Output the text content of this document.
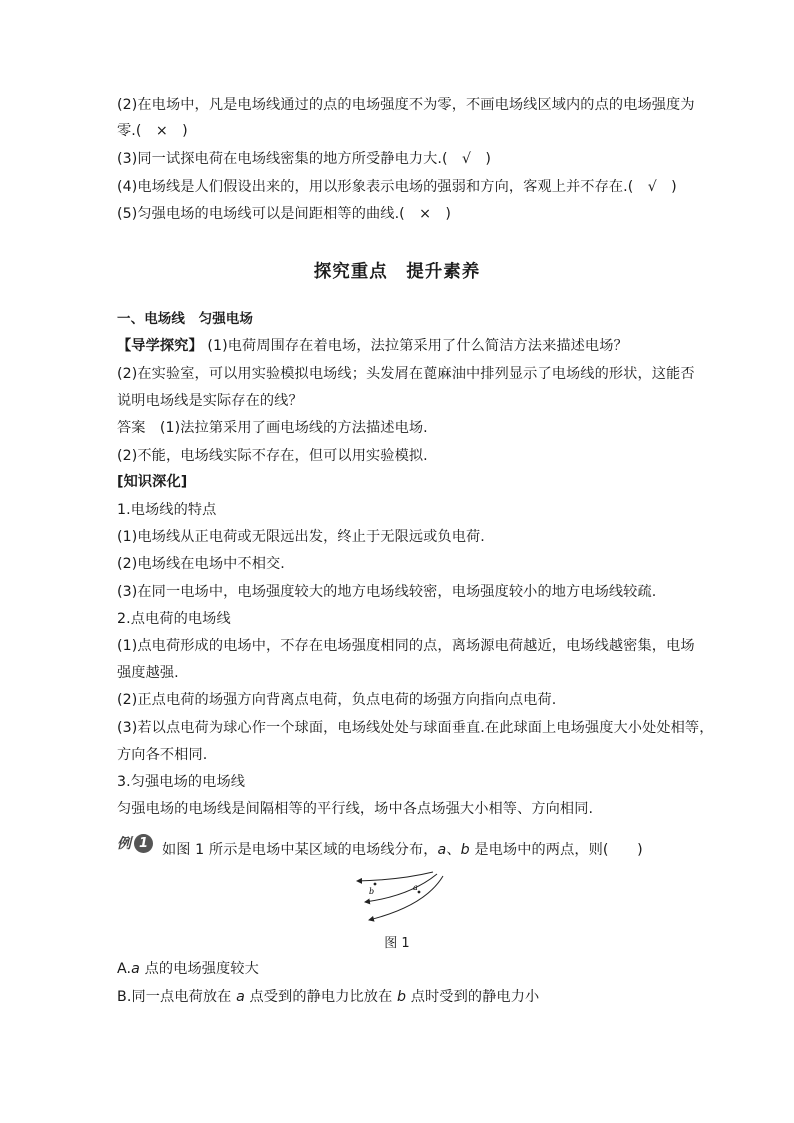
(2)在电场中，凡是电场线通过的点的电场强度不为零，不画电场线区域内的点的电场强度为
零.(　×　)
(3)同一试探电荷在电场线密集的地方所受静电力大.(　√　)
(4)电场线是人们假设出来的，用以形象表示电场的强弱和方向，客观上并不存在.(　√　)
(5)匀强电场的电场线可以是间距相等的曲线.(　×　)
探究重点　提升素养
一、电场线　匀强电场
【导学探究】 (1)电荷周围存在着电场，法拉第采用了什么简洁方法来描述电场？
(2)在实验室，可以用实验模拟电场线；头发屑在蓖麻油中排列显示了电场线的形状，这能否
说明电场线是实际存在的线？
答案　(1)法拉第采用了画电场线的方法描述电场.
(2)不能，电场线实际不存在，但可以用实验模拟.
[知识深化]
1.电场线的特点
(1)电场线从正电荷或无限远出发，终止于无限远或负电荷.
(2)电场线在电场中不相交.
(3)在同一电场中，电场强度较大的地方电场线较密，电场强度较小的地方电场线较疏.
2.点电荷的电场线
(1)点电荷形成的电场中，不存在电场强度相同的点，离场源电荷越近，电场线越密集，电场
强度越强.
(2)正点电荷的场强方向背离点电荷，负点电荷的场强方向指向点电荷.
(3)若以点电荷为球心作一个球面，电场线处处与球面垂直.在此球面上电场强度大小处处相等，
方向各不相同.
3.匀强电场的电场线
匀强电场的电场线是间隔相等的平行线，场中各点场强大小相等、方向相同.
例 1 如图 1 所示是电场中某区域的电场线分布，a、b 是电场中的两点，则(　　)
a
b
图 1
A.a 点的电场强度较大
B.同一点电荷放在 a 点受到的静电力比放在 b 点时受到的静电力小
